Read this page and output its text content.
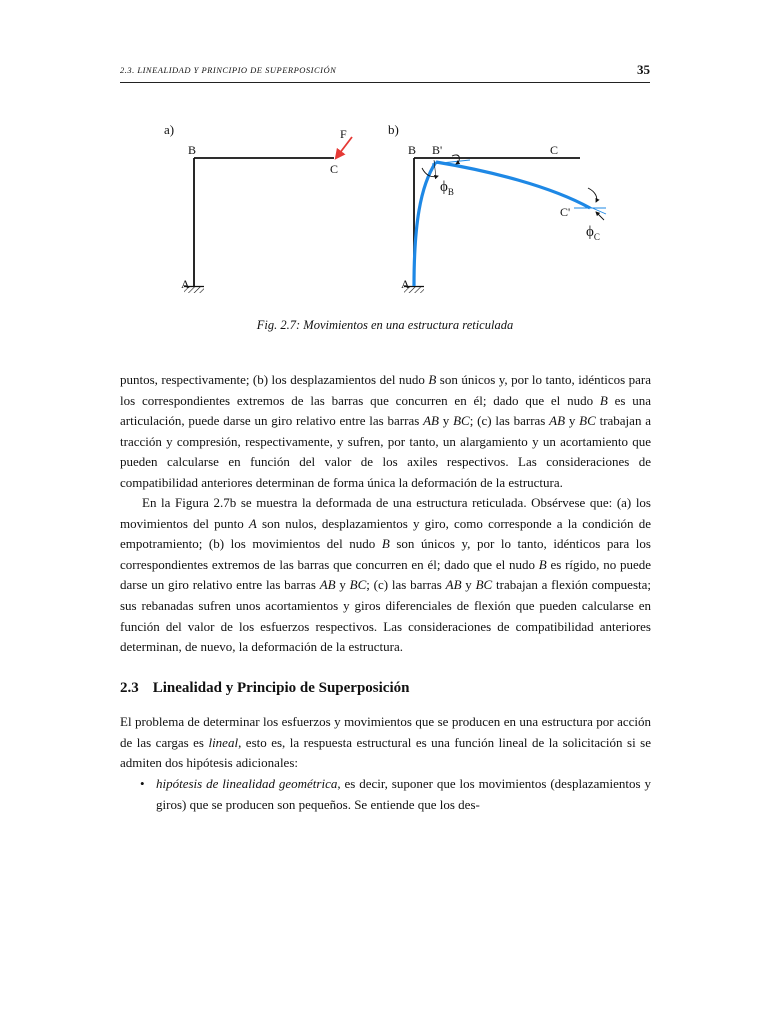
2.3. LINEALIDAD Y PRINCIPIO DE SUPERPOSICIÓN	35
a)
B
C
A
F	b)
B B'	C
C'
A
$\phi_B$
$\phi_C$
Fig. 2.7: Movimientos en una estructura reticulada

puntos, respectivamente; (b) los desplazamientos del nudo B son únicos y, por lo tanto, idénticos para los correspondientes extremos de las barras que concurren en él; dado que el nudo B es una articulación, puede darse un giro relativo entre las barras AB y BC; (c) las barras AB y BC trabajan a tracción y compresión, respectivamente, y sufren, por tanto, un alargamiento y un acortamiento que pueden calcularse en función del valor de los axiles respectivos. Las consideraciones de compatibilidad anteriores determinan de forma única la deformación de la estructura.

En la Figura 2.7b se muestra la deformada de una estructura reticulada. Obsérvese que: (a) los movimientos del punto A son nulos, desplazamientos y giro, como corresponde a la condición de empotramiento; (b) los movimientos del nudo B son únicos y, por lo tanto, idénticos para los correspondientes extremos de las barras que concurren en él; dado que el nudo B es rígido, no puede darse un giro relativo entre las barras AB y BC; (c) las barras AB y BC trabajan a flexión compuesta; sus rebanadas sufren unos acortamientos y giros diferenciales de flexión que pueden calcularse en función del valor de los esfuerzos respectivos. Las consideraciones de compatibilidad anteriores determinan, de nuevo, la deformación de la estructura.

2.3 Linealidad y Principio de Superposición

El problema de determinar los esfuerzos y movimientos que se producen en una estructura por acción de las cargas es lineal, esto es, la respuesta estructural es una función lineal de la solicitación si se admiten dos hipótesis adicionales:

• hipótesis de linealidad geométrica, es decir, suponer que los movimientos (desplazamientos y giros) que se producen son pequeños. Se entiende que los des-
